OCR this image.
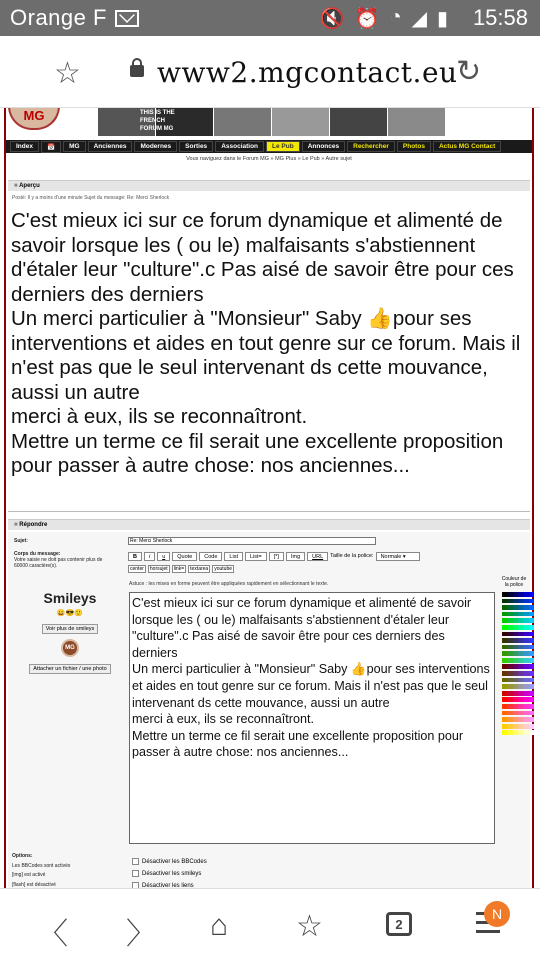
Orange F	🔇 ⏰ ◔ ◢ ▮ 15:58
☆	www2.mgcontact.eu
↻
MG	THIS IS THE FRENCH FORUM MG
Index	📅	MG	Anciennes	Modernes	Sorties	Association	Le Pub	Annonces	Rechercher	Photos	Actus MG Contact
Vous naviguez dans le Forum MG » MG Plus » Le Pub » Autre sujet
■ Aperçu
Posté: Il y a moins d'une minute Sujet du message: Re: Merci Sherlock

C'est mieux ici sur ce forum dynamique et alimenté de savoir lorsque les ( ou le) malfaisants s'abstiennent d'étaler leur "culture".c Pas aisé de savoir être pour ces derniers des derniers

Un merci particulier à "Monsieur" Saby 👍pour ses interventions et aides en tout genre sur ce forum. Mais il n'est pas que le seul intervenant ds cette mouvance, aussi un autre

merci à eux, ils se reconnaîtront.

Mettre un terme ce fil serait une excellente proposition pour passer à autre chose: nos anciennes...

■ Répondre
Sujet:	Re: Merci Sherlock
Corps du message:
Votre saisie ne doit pas contenir plus de 60000 caractère(s).
B	i	u	Quote	Code	List	List=	[*]	Img	URL	Taille de la police:	Normale ▾
center	horsujet	link=	textarea	youtube
Astuce : les mises en forme peuvent être appliquées rapidement en sélectionnant le texte.
Couleur de la police
Smileys
😀😎🙂
Voir plus de smileys
MG
Attacher un fichier / une photo

C'est mieux ici sur ce forum dynamique et alimenté de savoir lorsque les ( ou le) malfaisants s'abstiennent d'étaler leur "culture".c Pas aisé de savoir être pour ces derniers des derniers

Un merci particulier à "Monsieur" Saby 👍pour ses interventions et aides en tout genre sur ce forum. Mais il n'est pas que le seul intervenant ds cette mouvance, aussi un autre

merci à eux, ils se reconnaîtront.

Mettre un terme ce fil serait une excellente proposition pour passer à autre chose: nos anciennes...

Options:
Les BBCodes sont activés
[img] est activé
[flash] est désactivé
Désactiver les BBCodes
Désactiver les smileys
Désactiver les liens
〈 〉 ⌂ ☆	2
N
